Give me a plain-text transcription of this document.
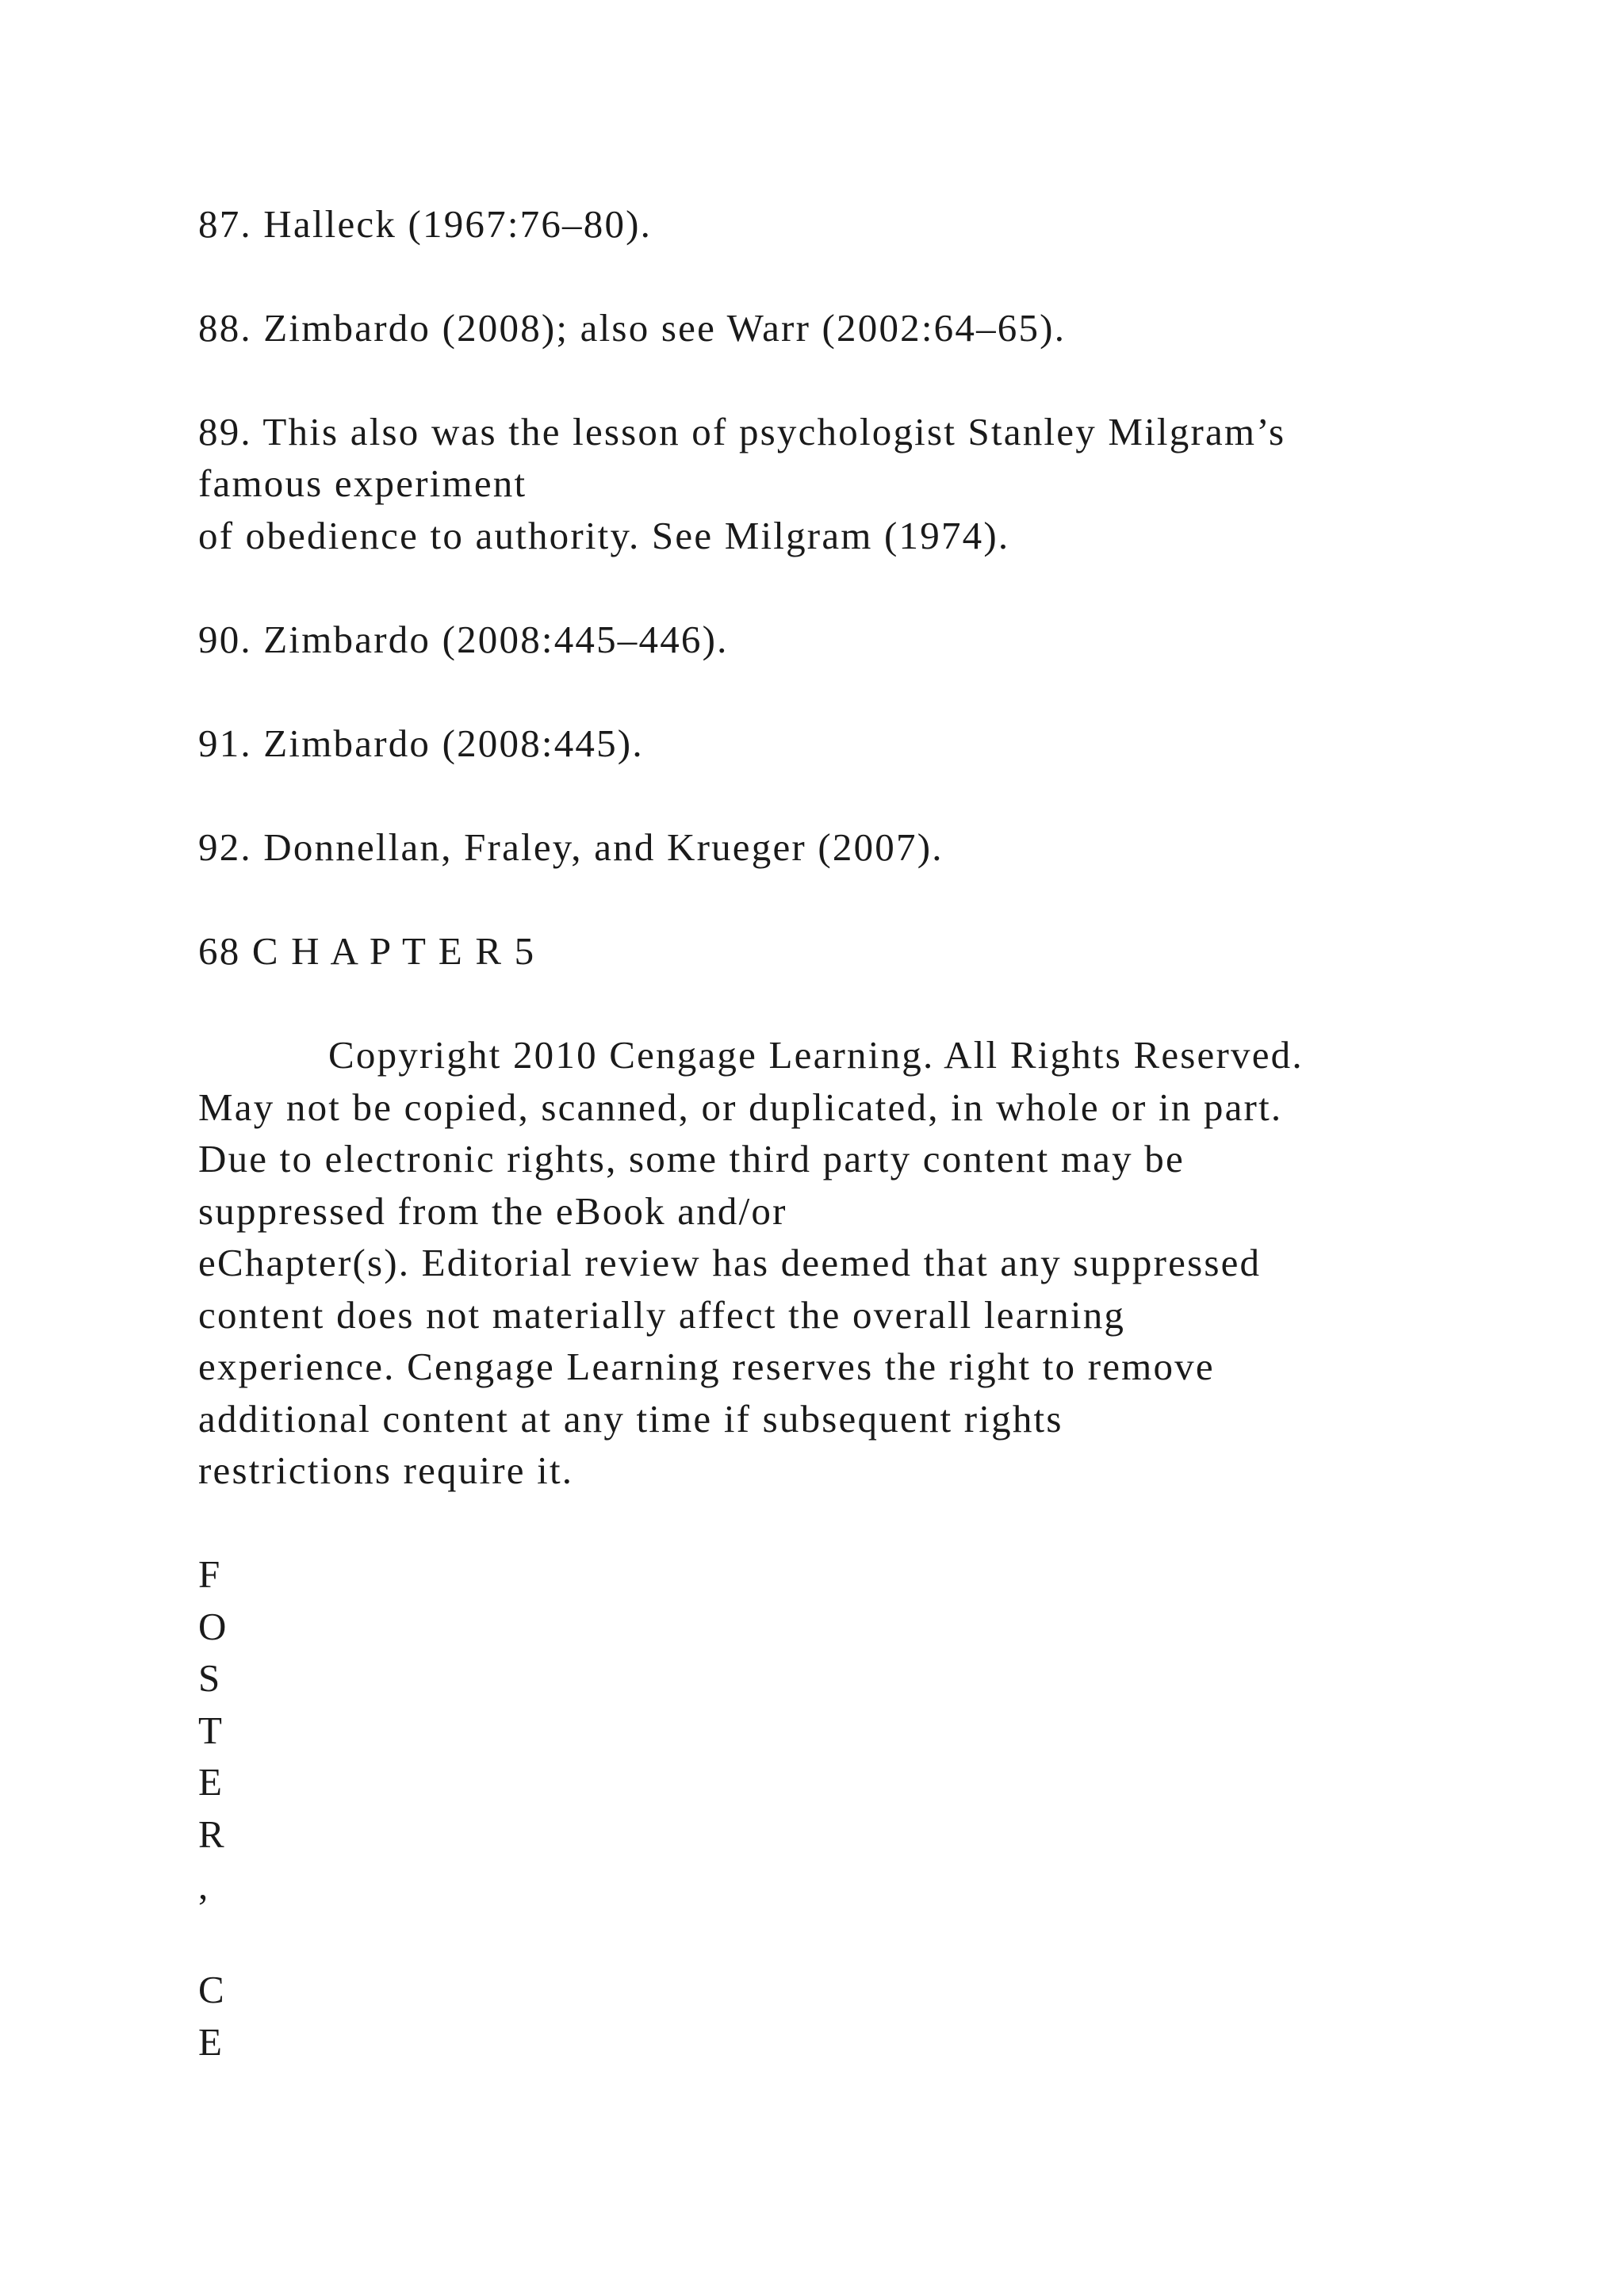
87. Halleck (1967:76–80).
88. Zimbardo (2008); also see Warr (2002:64–65).
89. This also was the lesson of psychologist Stanley Milgram’s
famous experiment
of obedience to authority. See Milgram (1974).
90. Zimbardo (2008:445–446).
91. Zimbardo (2008:445).
92. Donnellan, Fraley, and Krueger (2007).
68 C H A P T E R 5
Copyright 2010 Cengage Learning. All Rights Reserved.
May not be copied, scanned, or duplicated, in whole or in part.
Due to electronic rights, some third party content may be
suppressed from the eBook and/or
eChapter(s). Editorial review has deemed that any suppressed
content does not materially affect the overall learning
experience. Cengage Learning reserves the right to remove
additional content at any time if subsequent rights
restrictions require it.
F
O
S
T
E
R
,
C
E
